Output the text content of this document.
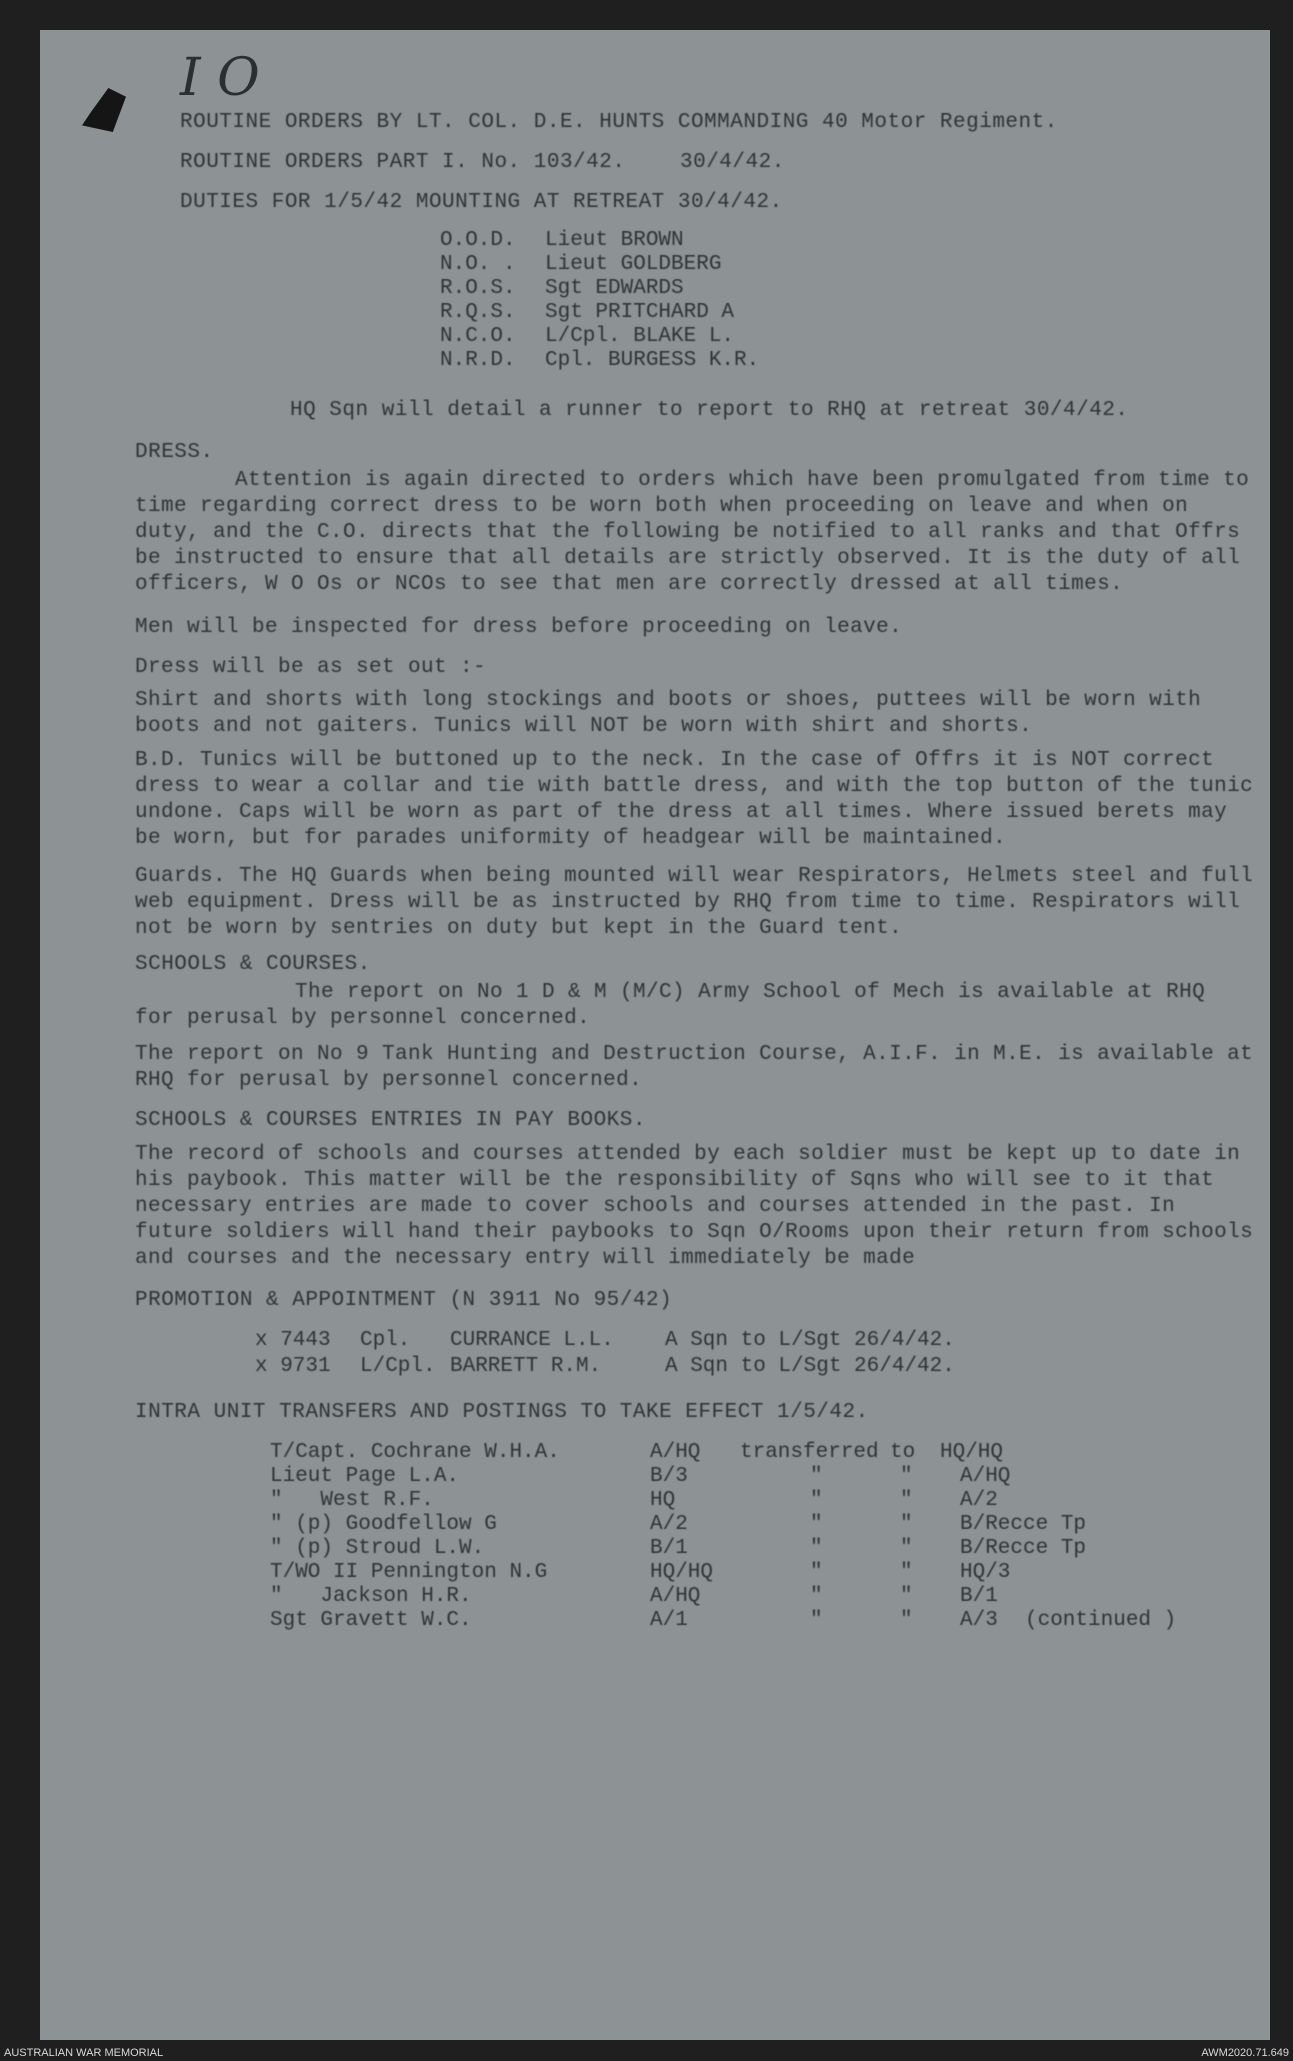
I O
ROUTINE ORDERS BY LT. COL. D.E. HUNTS COMMANDING 40 Motor Regiment.
ROUTINE ORDERS PART I. No. 103/42.	30/4/42.
DUTIES FOR 1/5/42 MOUNTING AT RETREAT 30/4/42.
O.O.D. Lieut BROWN
N.O. . Lieut GOLDBERG
R.O.S. Sgt EDWARDS
R.Q.S. Sgt PRITCHARD A
N.C.O. L/Cpl. BLAKE L.
N.R.D. Cpl. BURGESS K.R.
HQ Sqn will detail a runner to report to RHQ at retreat 30/4/42.
DRESS.
Attention is again directed to orders which have been promulgated from time to time regarding correct dress to be worn both when proceeding on leave and when on duty, and the C.O. directs that the following be notified to all ranks and that Offrs be instructed to ensure that all details are strictly observed. It is the duty of all officers, W O Os or NCOs to see that men are correctly dressed at all times.
Men will be inspected for dress before proceeding on leave.
Dress will be as set out :-
Shirt and shorts with long stockings and boots or shoes, puttees will be worn with boots and not gaiters. Tunics will NOT be worn with shirt and shorts.
B.D. Tunics will be buttoned up to the neck. In the case of Offrs it is NOT correct dress to wear a collar and tie with battle dress, and with the top button of the tunic undone. Caps will be worn as part of the dress at all times. Where issued berets may be worn, but for parades uniformity of headgear will be maintained.
Guards. The HQ Guards when being mounted will wear Respirators, Helmets steel and full web equipment. Dress will be as instructed by RHQ from time to time. Respirators will not be worn by sentries on duty but kept in the Guard tent.
SCHOOLS & COURSES.
The report on No 1 D & M (M/C) Army School of Mech is available at RHQ for perusal by personnel concerned.
The report on No 9 Tank Hunting and Destruction Course, A.I.F. in M.E. is available at RHQ for perusal by personnel concerned.
SCHOOLS & COURSES ENTRIES IN PAY BOOKS.
The record of schools and courses attended by each soldier must be kept up to date in his paybook. This matter will be the responsibility of Sqns who will see to it that necessary entries are made to cover schools and courses attended in the past. In future soldiers will hand their paybooks to Sqn O/Rooms upon their return from schools and courses and the necessary entry will immediately be made
PROMOTION & APPOINTMENT (N 3911 No 95/42)
x 7443 Cpl. CURRANCE L.L. A Sqn to L/Sgt 26/4/42.
x 9731 L/Cpl. BARRETT R.M.	A Sqn to L/Sgt 26/4/42.
INTRA UNIT TRANSFERS AND POSTINGS TO TAKE EFFECT 1/5/42.
T/Capt. Cochrane W.H.A.	A/HQ transferred to HQ/HQ
Lieut Page L.A.	B/3	"	" A/HQ
"   West R.F.	HQ	"	" A/2
" (p) Goodfellow G	A/2	"	" B/Recce Tp
" (p) Stroud L.W.	B/1	"	" B/Recce Tp
T/WO II Pennington N.G	HQ/HQ	"	" HQ/3
"   Jackson H.R.	A/HQ	"	" B/1
Sgt Gravett W.C.	A/1	"	" A/3 (continued )
AUSTRALIAN WAR MEMORIAL	AWM2020.71.649
